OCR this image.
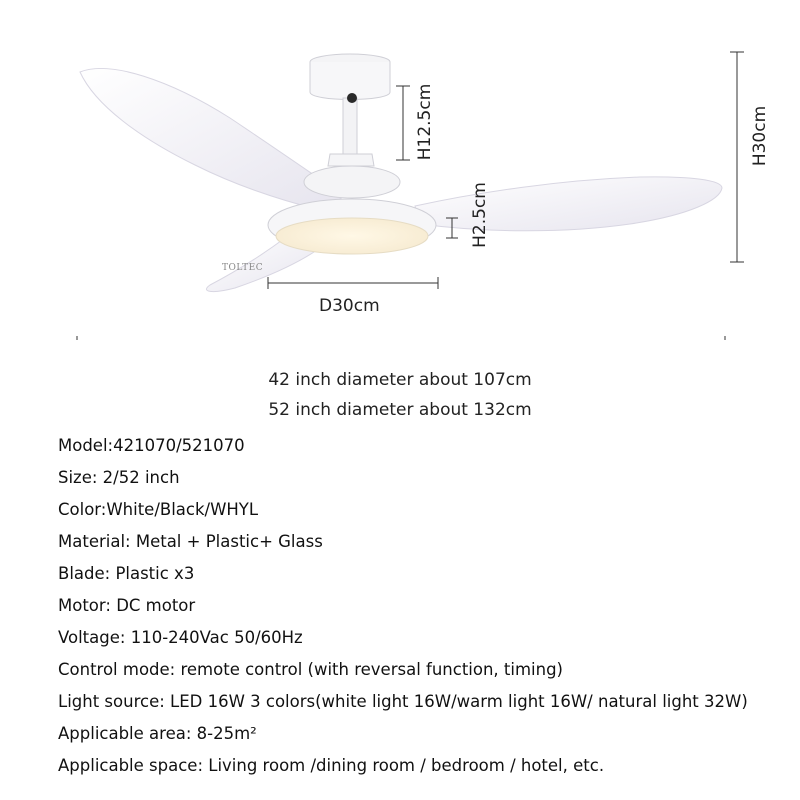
TOLTEC
H12.5cm	H30cm
H2.5cm
D30cm
42 inch diameter about 107cm
52 inch diameter about 132cm
Model:421070/521070
Size: 2/52 inch
Color:White/Black/WHYL
Material: Metal + Plastic+ Glass
Blade: Plastic x3
Motor: DC motor
Voltage: 110-240Vac 50/60Hz
Control mode: remote control (with reversal function, timing)
Light source: LED 16W 3 colors(white light 16W/warm light 16W/ natural light 32W)
Applicable area: 8-25m²
Applicable space: Living room /dining room / bedroom / hotel, etc.
